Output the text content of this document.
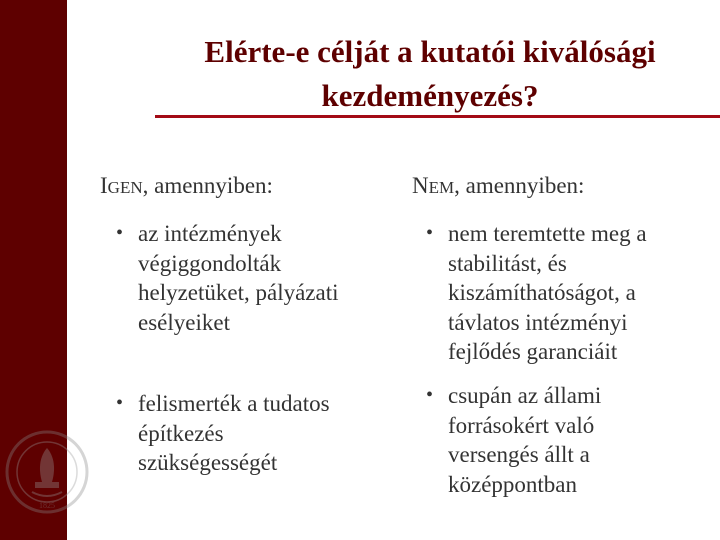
1825
Elérte-e célját a kutatói kiválósági
kezdeményezés?
IGEN, amennyiben:	NEM, amennyiben:
• az intézmények
végiggondolták
helyzetüket, pályázati
esélyeiket
• felismerték a tudatos
építkezés
szükségességét
• nem teremtette meg a
stabilitást, és
kiszámíthatóságot, a
távlatos intézményi
fejlődés garanciáit
• csupán az állami
forrásokért való
versengés állt a
középpontban
